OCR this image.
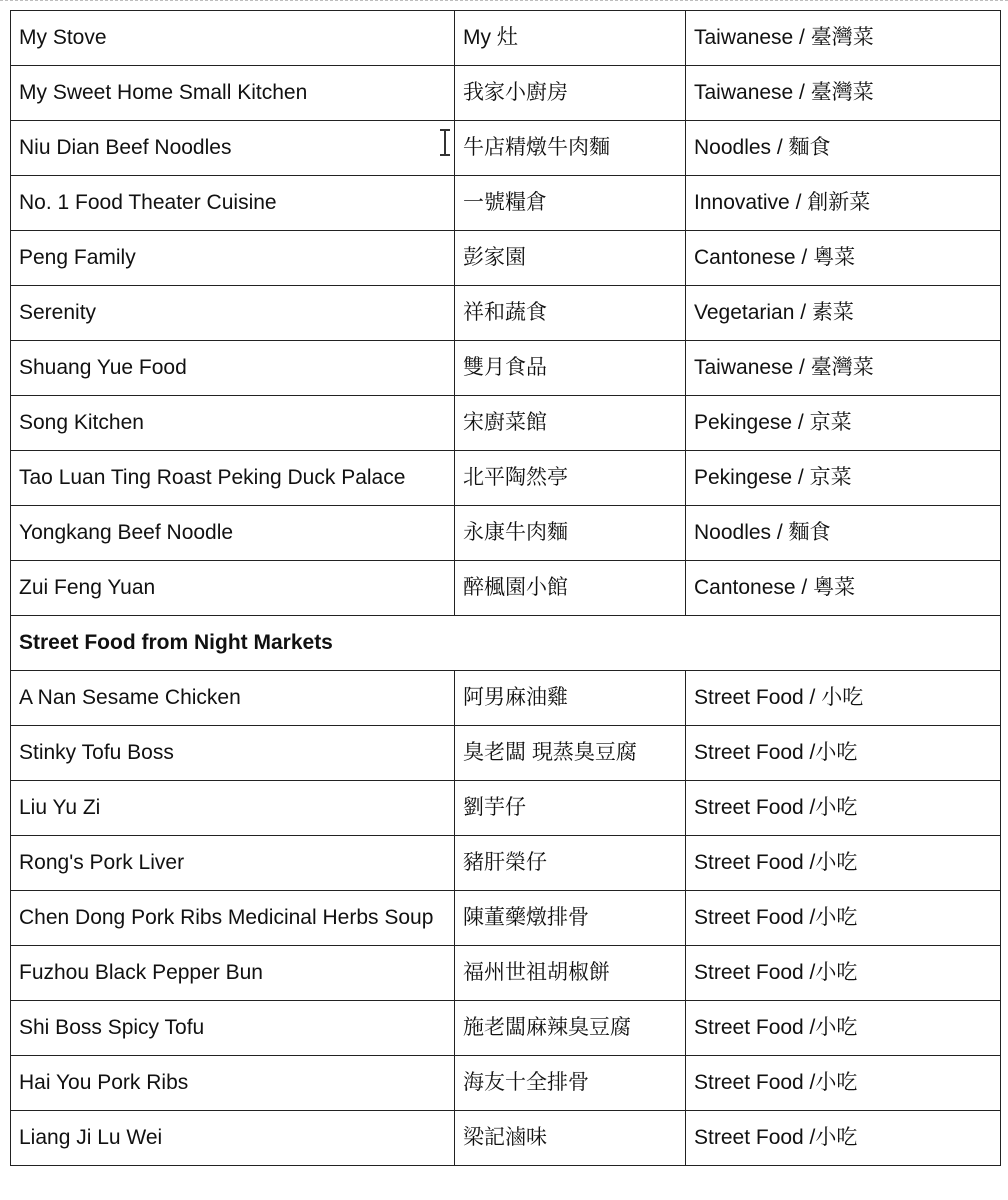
My Stove	My 灶	Taiwanese / 臺灣菜
My Sweet Home Small Kitchen	我家小廚房	Taiwanese / 臺灣菜
Niu Dian Beef Noodles	牛店精燉牛肉麵	Noodles / 麵食
No. 1 Food Theater Cuisine	一號糧倉	Innovative / 創新菜
Peng Family	彭家園	Cantonese / 粵菜
Serenity	祥和蔬食	Vegetarian / 素菜
Shuang Yue Food	雙月食品	Taiwanese / 臺灣菜
Song Kitchen	宋廚菜館	Pekingese / 京菜
Tao Luan Ting Roast Peking Duck Palace	北平陶然亭	Pekingese / 京菜
Yongkang Beef Noodle	永康牛肉麵	Noodles / 麵食
Zui Feng Yuan	醉楓園小館	Cantonese / 粵菜
Street Food from Night Markets		
A Nan Sesame Chicken	阿男麻油雞	Street Food / 小吃
Stinky Tofu Boss	臭老闆 現蒸臭豆腐	Street Food /小吃
Liu Yu Zi	劉芋仔	Street Food /小吃
Rong's Pork Liver	豬肝榮仔	Street Food /小吃
Chen Dong Pork Ribs Medicinal Herbs Soup	陳董藥燉排骨	Street Food /小吃
Fuzhou Black Pepper Bun	福州世祖胡椒餅	Street Food /小吃
Shi Boss Spicy Tofu	施老闆麻辣臭豆腐	Street Food /小吃
Hai You Pork Ribs	海友十全排骨	Street Food /小吃
Liang Ji Lu Wei	梁記滷味	Street Food /小吃
